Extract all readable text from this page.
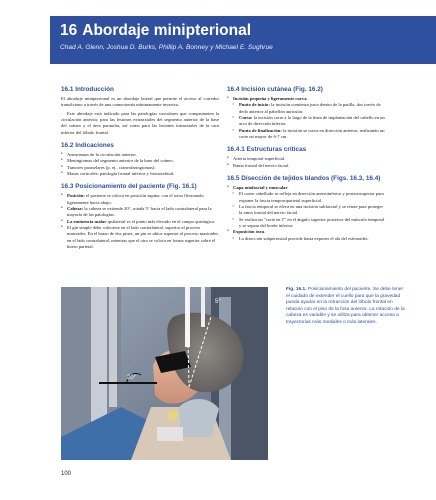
16 Abordaje minipterional
Chad A. Glenn, Joshua D. Burks, Phillip A. Bonney y Michael E. Sughrue
16.1 Introducción

El abordaje minipterional es un abordaje lateral que permite el acceso al corredor transilviano a través de una craneotomía mínimamente invasiva.

Este abordaje está indicado para las patologías vasculares que comprometen la circulación anterior, para las lesiones extraaxiales del segmento anterior de la base del cráneo y el área paraselar, así como para las lesiones intraaxiales de la cara inferior del lóbulo frontal.

16.2 Indicaciones
• Aneurismas de la circulación anterior.
• Meningiomas del segmento anterior de la base del cráneo.
• Tumores paraselares (p. ej., craneofaringiomas).
• Masas corticales: patología frontal inferior y frontoorbital.
16.3 Posicionamiento del paciente (Fig. 16.1)
• Posición: el paciente se coloca en posición supina, con el torso flexionado ligeramente hacia abajo.
• Cabeza: la cabeza se extiende 20°, rotada 5° hacia el lado contralateral para la mayoría de las patologías.
• La eminencia malar ipsilateral es el punto más elevado en el campo quirúrgico.
• El gin simple debe colocarse en el lado contralateral, superior al proceso mastoides. En el brazo de dos pines, un pin se ubica superior al proceso mastoides en el lado contralateral, mientras que el otro se coloca en forma superior sobre el hueso parietal.
16.4 Incisión cutánea (Fig. 16.2)
• Incisión pequeña y ligeramente curva.
○ Punto de inicio: la incisión comienza justo dentro de la patilla, dos través de dedo anterior al pabellón auricular.
○ Curso: la incisión corre a lo largo de la línea de implantación del cabello en un arco de dirección inferior.
○ Punto de finalización: la incisión se curva en dirección anterior, realizando un corte no mayor de 6-7 cm.
16.4.1 Estructuras críticas
• Arteria temporal superficial.
• Rama frontal del nervio facial.
16.5 Disección de tejidos blandos (Figs. 16.3, 16.4)
• Capa miofascial y muscular.
○ El cuero cabelludo se refleja en dirección anteroinferior y posterosuperior para exponer la fascia temporoparietal superficial.
○ La fascia temporal se eleva en una incisión subfascial y se retrae para proteger la rama frontal del nervio facial.
○ Se realiza un "corte en T" en el ángulo superior posterior del músculo temporal y se separa del borde inferior.
• Exposición ósea.
○ La disección subperiostial procede hasta exponer el ala del esfenoides.
5°
20°
Fig. 16.1. Posicionamiento del paciente. Se debe tener el cuidado de extender el cuello para que la gravedad pueda ayudar en la retracción del lóbulo frontal en relación con el piso de la fosa anterior. La rotación de la cabeza es variable y se utiliza para obtener acceso a trayectorias más mediales o más laterales.
100
